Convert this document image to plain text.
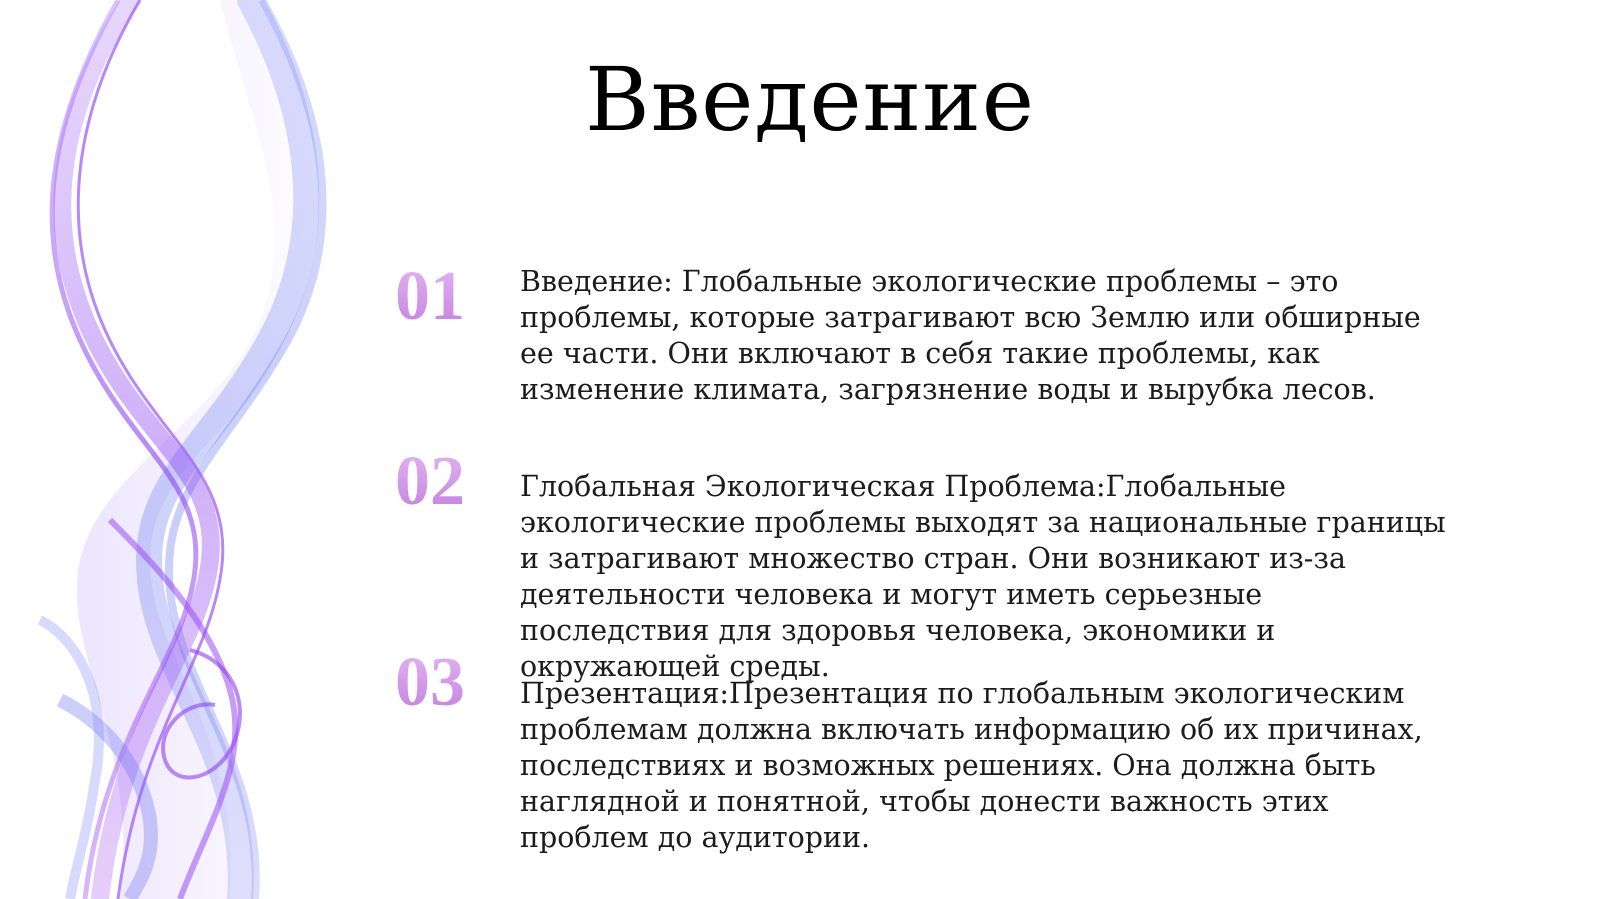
Введение
01	Введение: Глобальные экологические проблемы – это проблемы, которые затрагивают всю Землю или обширные ее части. Они включают в себя такие проблемы, как изменение климата, загрязнение воды и вырубка лесов.

02	Глобальная Экологическая Проблема:Глобальные экологические проблемы выходят за национальные границы и затрагивают множество стран. Они возникают из-за деятельности человека и могут иметь серьезные последствия для здоровья человека, экономики и окружающей среды.

03	Презентация:Презентация по глобальным экологическим проблемам должна включать информацию об их причинах, последствиях и возможных решениях. Она должна быть наглядной и понятной, чтобы донести важность этих проблем до аудитории.
